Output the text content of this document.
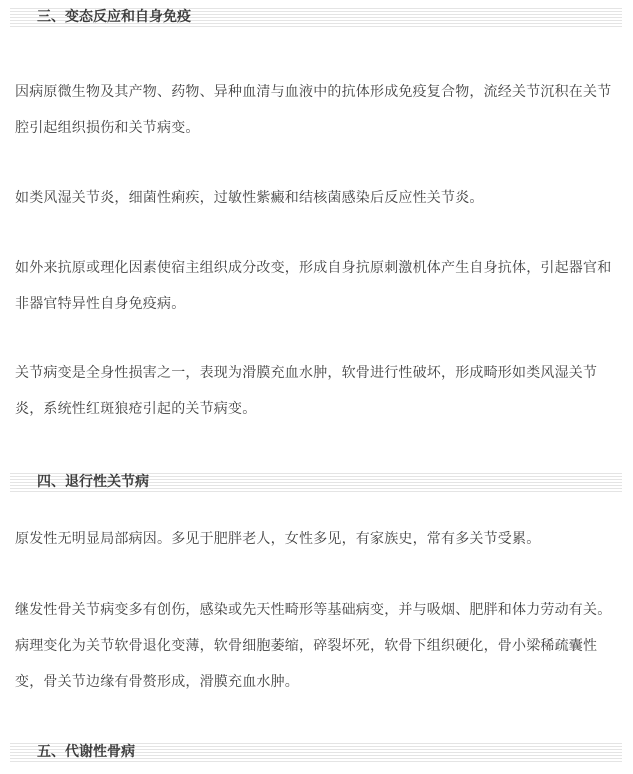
三、变态反应和自身免疫

因病原微生物及其产物、药物、异种血清与血液中的抗体形成免疫复合物，流经关节沉积在关节腔引起组织损伤和关节病变。

如类风湿关节炎，细菌性痢疾，过敏性紫癜和结核菌感染后反应性关节炎。

如外来抗原或理化因素使宿主组织成分改变，形成自身抗原刺激机体产生自身抗体，引起器官和非器官特异性自身免疫病。

关节病变是全身性损害之一，表现为滑膜充血水肿，软骨进行性破坏，形成畸形如类风湿关节炎，系统性红斑狼疮引起的关节病变。

四、退行性关节病

原发性无明显局部病因。多见于肥胖老人，女性多见，有家族史，常有多关节受累。

继发性骨关节病变多有创伤，感染或先天性畸形等基础病变，并与吸烟、肥胖和体力劳动有关。病理变化为关节软骨退化变薄，软骨细胞萎缩，碎裂坏死，软骨下组织硬化，骨小梁稀疏囊性变，骨关节边缘有骨赘形成，滑膜充血水肿。

五、代谢性骨病
